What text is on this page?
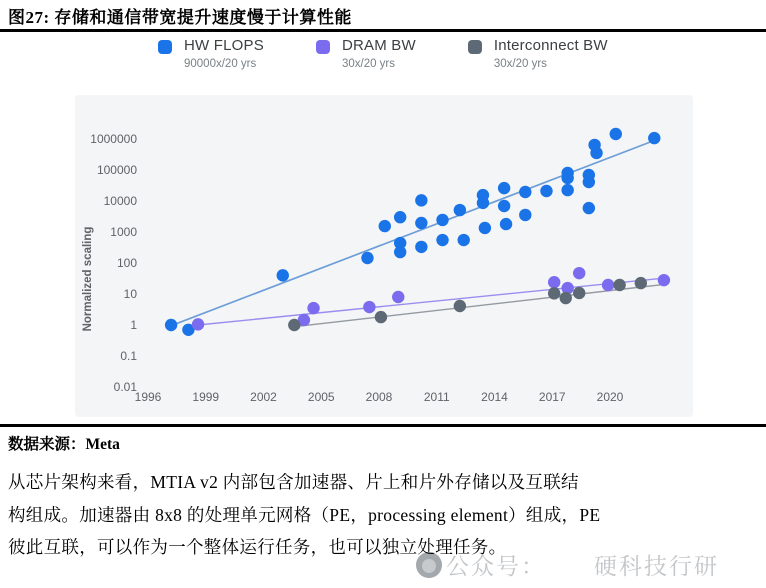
图27: 存储和通信带宽提升速度慢于计算性能
HW FLOPS
90000x/20 yrs
DRAM BW
30x/20 yrs
Interconnect BW
30x/20 yrs
Normalized scaling
1000000
100000
10000
1000
100
10
1
0.1
0.01
1996	1999	2002	2005	2008	2011	2014	2017	2020
数据来源：Meta
公众号： 硬科技行研
从芯片架构来看，MTIA v2 内部包含加速器、片上和片外存储以及互联结
构组成。加速器由 8x8 的处理单元网格（PE，processing element）组成，PE
彼此互联，可以作为一个整体运行任务，也可以独立处理任务。
